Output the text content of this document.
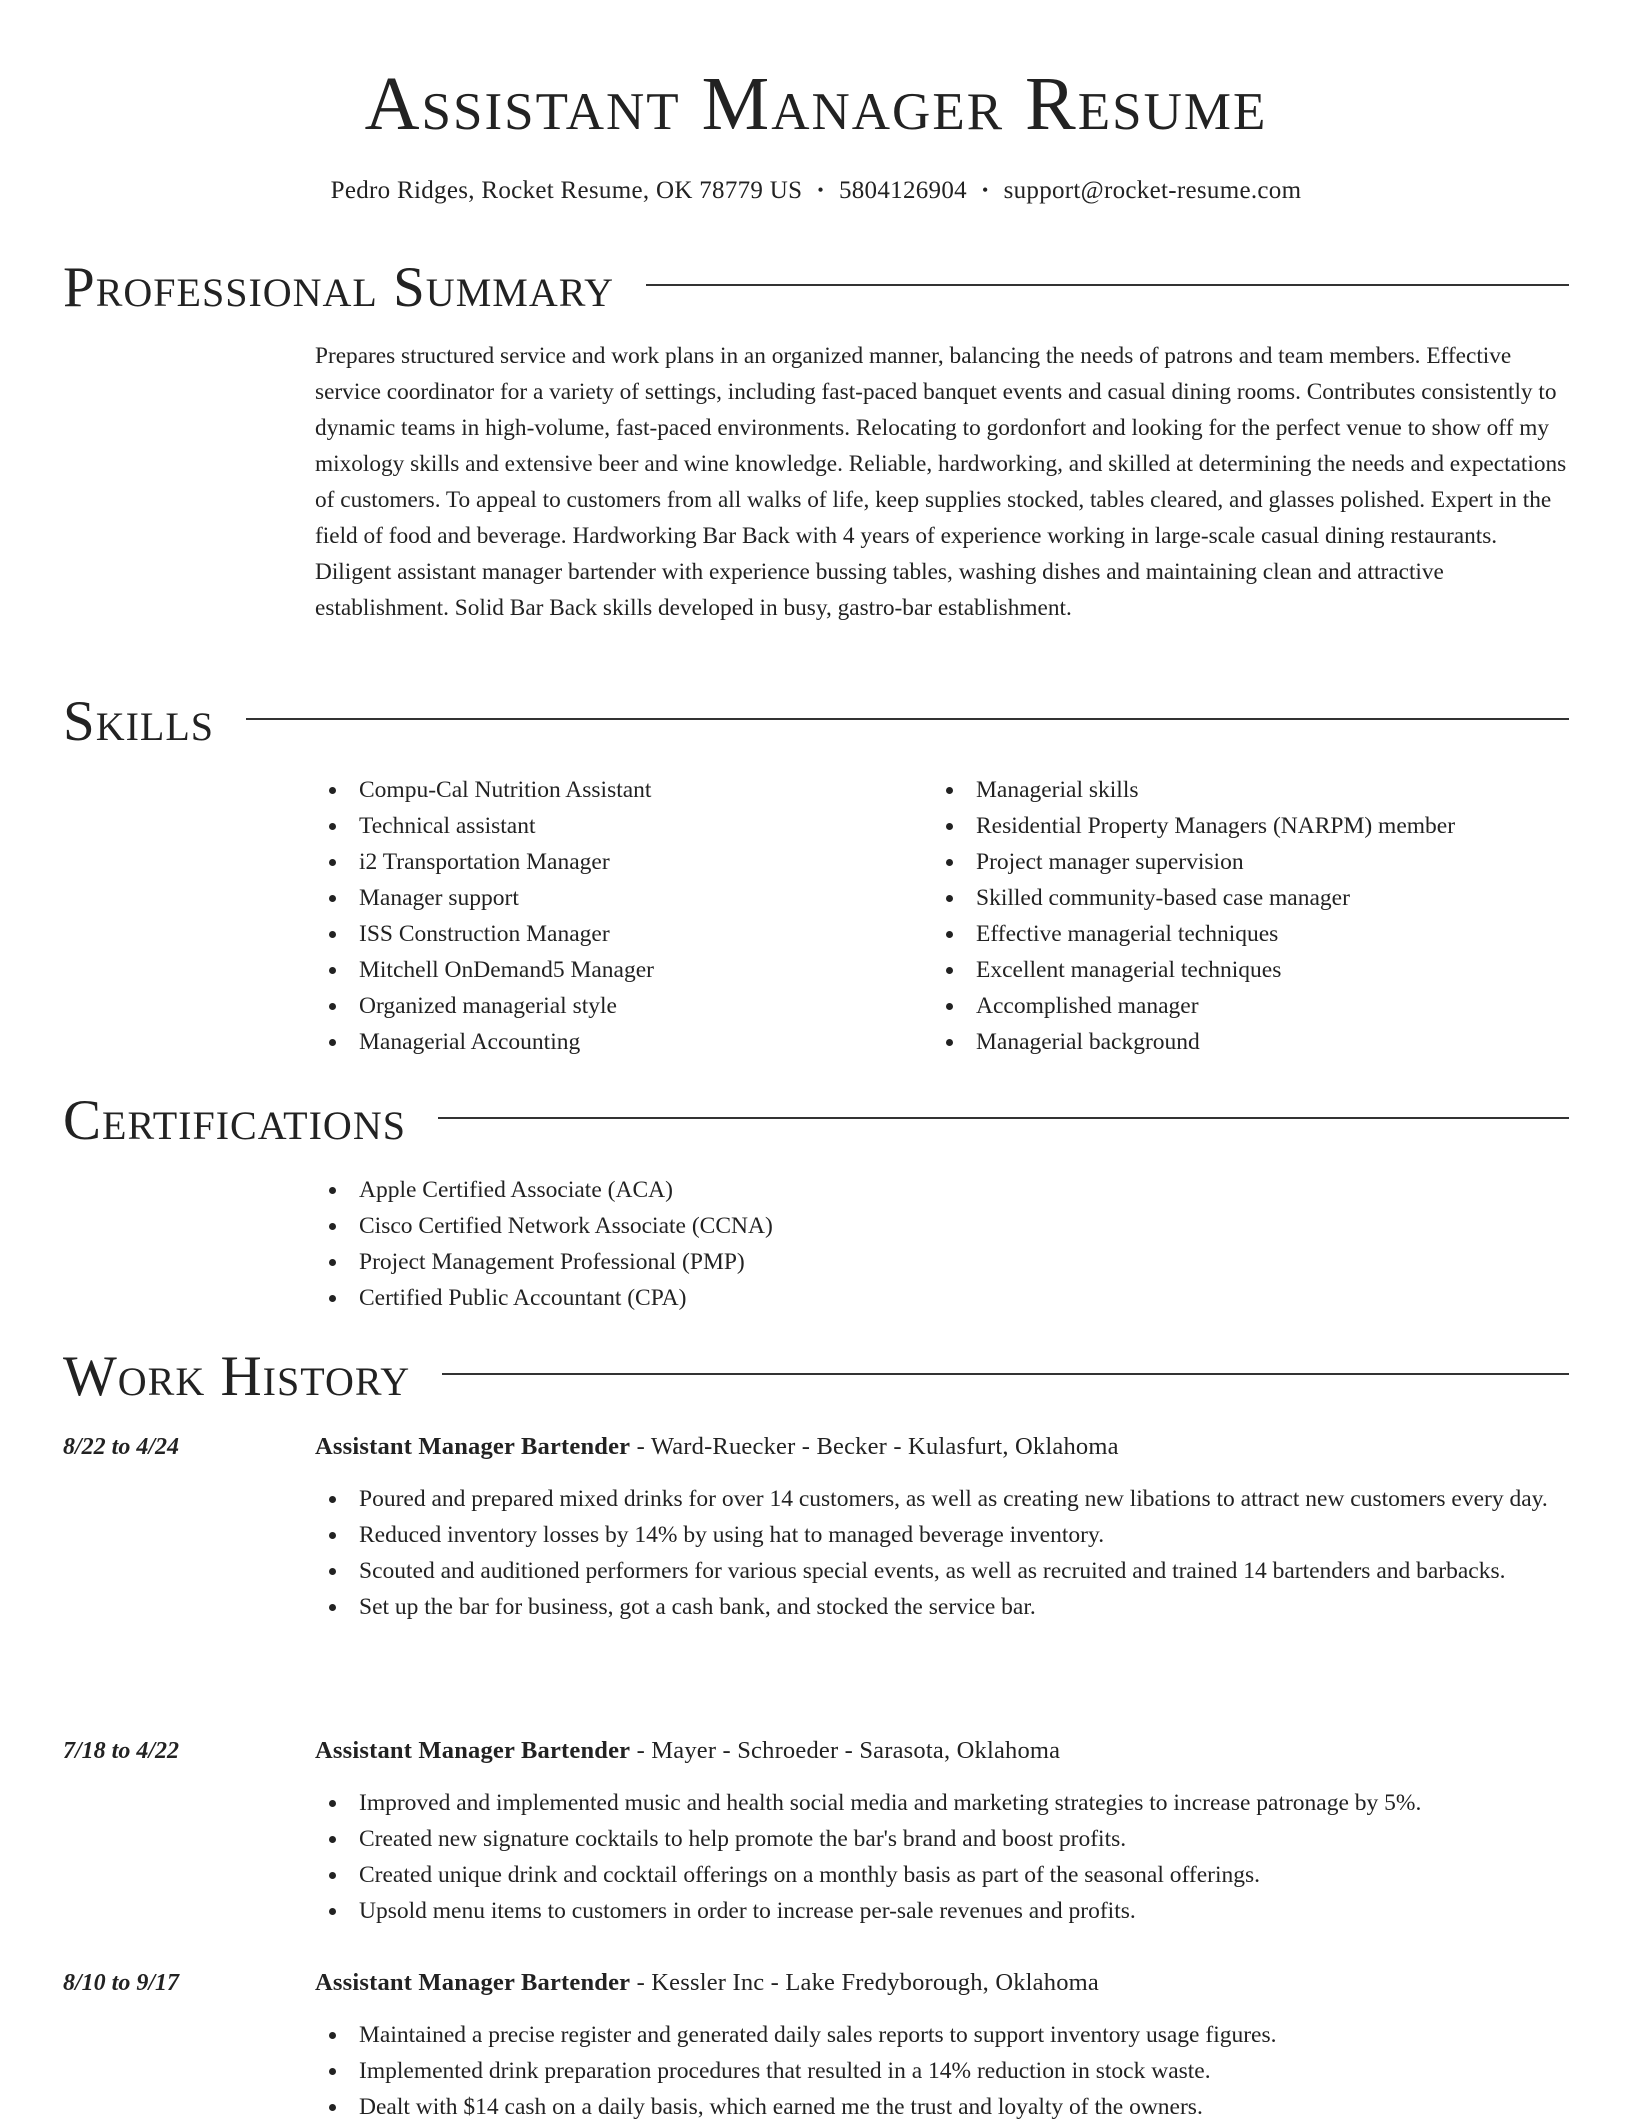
Assistant Manager Resume
Pedro Ridges, Rocket Resume, OK 78779 US • 5804126904 • support@rocket-resume.com
Professional Summary

Prepares structured service and work plans in an organized manner, balancing the needs of patrons and team members. Effective service coordinator for a variety of settings, including fast-paced banquet events and casual dining rooms. Contributes consistently to dynamic teams in high-volume, fast-paced environments. Relocating to gordonfort and looking for the perfect venue to show off my mixology skills and extensive beer and wine knowledge. Reliable, hardworking, and skilled at determining the needs and expectations of customers. To appeal to customers from all walks of life, keep supplies stocked, tables cleared, and glasses polished. Expert in the field of food and beverage. Hardworking Bar Back with 4 years of experience working in large-scale casual dining restaurants. Diligent assistant manager bartender with experience bussing tables, washing dishes and maintaining clean and attractive establishment. Solid Bar Back skills developed in busy, gastro-bar establishment.

Skills
Compu-Cal Nutrition Assistant
Technical assistant
i2 Transportation Manager
Manager support
ISS Construction Manager
Mitchell OnDemand5 Manager
Organized managerial style
Managerial Accounting
Managerial skills
Residential Property Managers (NARPM) member
Project manager supervision
Skilled community-based case manager
Effective managerial techniques
Excellent managerial techniques
Accomplished manager
Managerial background
Certifications
Apple Certified Associate (ACA)
Cisco Certified Network Associate (CCNA)
Project Management Professional (PMP)
Certified Public Accountant (CPA)
Work History
8/22 to 4/24	Assistant Manager Bartender - Ward-Ruecker - Becker - Kulasfurt, Oklahoma
Poured and prepared mixed drinks for over 14 customers, as well as creating new libations to attract new customers every day.
Reduced inventory losses by 14% by using hat to managed beverage inventory.
Scouted and auditioned performers for various special events, as well as recruited and trained 14 bartenders and barbacks.
Set up the bar for business, got a cash bank, and stocked the service bar.
7/18 to 4/22	Assistant Manager Bartender - Mayer - Schroeder - Sarasota, Oklahoma
Improved and implemented music and health social media and marketing strategies to increase patronage by 5%.
Created new signature cocktails to help promote the bar's brand and boost profits.
Created unique drink and cocktail offerings on a monthly basis as part of the seasonal offerings.
Upsold menu items to customers in order to increase per-sale revenues and profits.
8/10 to 9/17	Assistant Manager Bartender - Kessler Inc - Lake Fredyborough, Oklahoma
Maintained a precise register and generated daily sales reports to support inventory usage figures.
Implemented drink preparation procedures that resulted in a 14% reduction in stock waste.
Dealt with $14 cash on a daily basis, which earned me the trust and loyalty of the owners.
